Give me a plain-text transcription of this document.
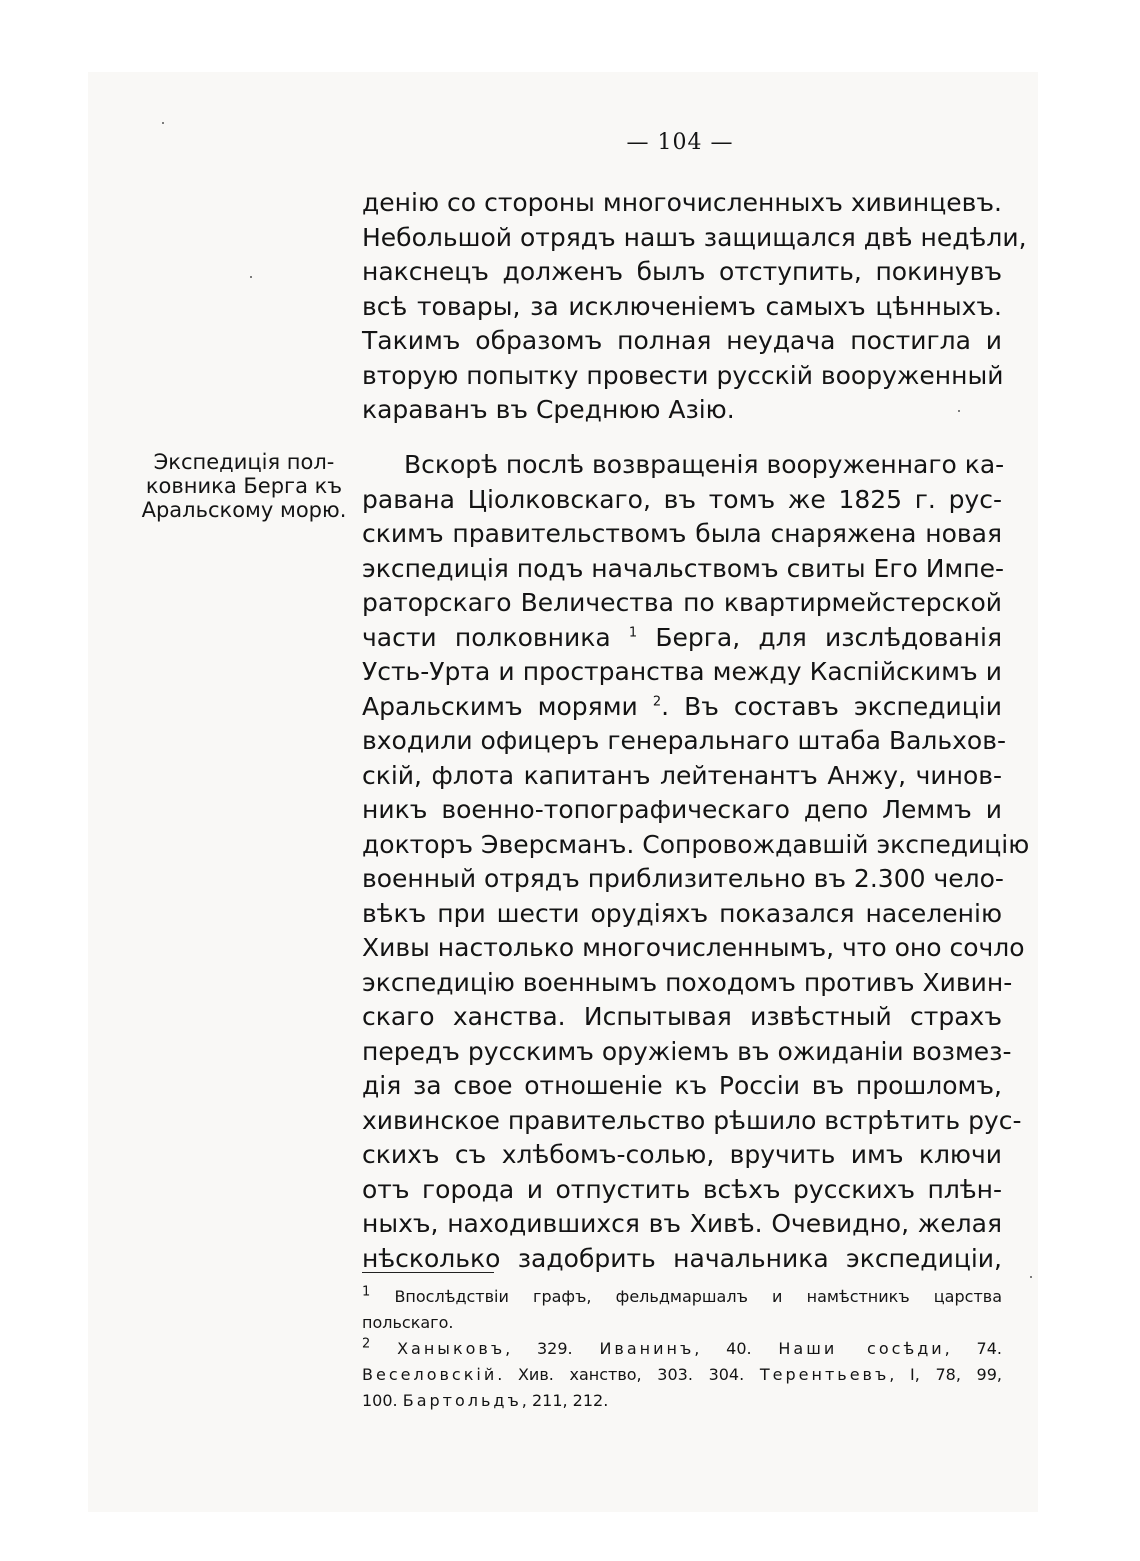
— 104 —
Экспедиція пол-
ковника Берга къ
Аральскому морю.
денію со стороны многочисленныхъ хивинцевъ.
Небольшой отрядъ нашъ защищался двѣ недѣли,
накснецъ долженъ былъ отступить, покинувъ
всѣ товары, за исключеніемъ самыхъ цѣнныхъ.
Такимъ образомъ полная неудача постигла и
вторую попытку провести русскій вооруженный
караванъ въ Среднюю Азію.
Вскорѣ послѣ возвращенія вооруженнаго ка-
равана Ціолковскаго, въ томъ же 1825 г. рус-
скимъ правительствомъ была снаряжена новая
экспедиція подъ начальствомъ свиты Его Импе-
раторскаго Величества по квартирмейстерской
части полковника $^1$ Берга, для изслѣдованія
Усть-Урта и пространства между Каспійскимъ и
Аральскимъ морями $^2$. Въ составъ экспедиціи
входили офицеръ генеральнаго штаба Вальхов-
скій, флота капитанъ лейтенантъ Анжу, чинов-
никъ военно-топографическаго депо Леммъ и
докторъ Эверсманъ. Сопровождавшій экспедицію
военный отрядъ приблизительно въ 2.300 чело-
вѣкъ при шести орудіяхъ показался населенію
Хивы настолько многочисленнымъ, что оно сочло
экспедицію военнымъ походомъ противъ Хивин-
скаго ханства. Испытывая извѣстный страхъ
передъ русскимъ оружіемъ въ ожиданіи возмез-
дія за свое отношеніе къ Россіи въ прошломъ,
хивинское правительство рѣшило встрѣтить рус-
скихъ съ хлѣбомъ-солью, вручить имъ ключи
отъ города и отпустить всѣхъ русскихъ плѣн-
ныхъ, находившихся въ Хивѣ. Очевидно, желая
нѣсколько задобрить начальника экспедиціи,
$^1$ Впослѣдствіи графъ, фельдмаршалъ и намѣстникъ царства
польскаго.
$^2$ Ханыковъ, 329. Иванинъ, 40. Наши сосѣди, 74.
Веселовскій. Хив. ханство, 303. 304. Терентьевъ, I, 78, 99,
100. Бартольдъ, 211, 212.
